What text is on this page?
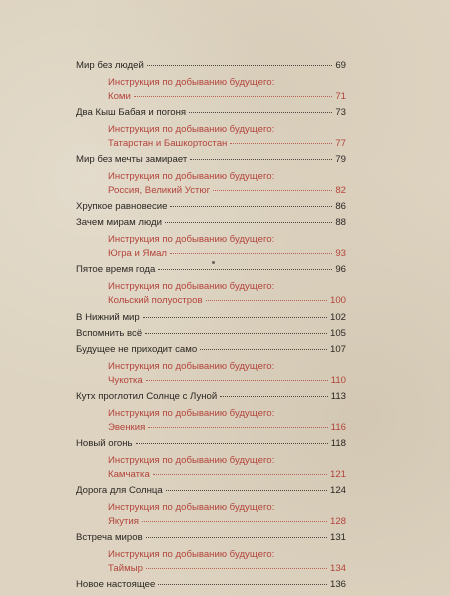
Мир без людей	69
Инструкция по добыванию будущего:
Коми	71
Два Кыш Бабая и погоня	73
Инструкция по добыванию будущего:
Татарстан и Башкортостан	77
Мир без мечты замирает	79
Инструкция по добыванию будущего:
Россия, Великий Устюг	82
Хрупкое равновесие	86
Зачем мирам люди	88
Инструкция по добыванию будущего:
Югра и Ямал	93
Пятое время года	96
Инструкция по добыванию будущего:
Кольский полуостров	100
В Нижний мир	102
Вспомнить всё	105
Будущее не приходит само	107
Инструкция по добыванию будущего:
Чукотка	110
Кутх проглотил Солнце с Луной	113
Инструкция по добыванию будущего:
Эвенкия	116
Новый огонь	118
Инструкция по добыванию будущего:
Камчатка	121
Дорога для Солнца	124
Инструкция по добыванию будущего:
Якутия	128
Встреча миров	131
Инструкция по добыванию будущего:
Таймыр	134
Новое настоящее	136
